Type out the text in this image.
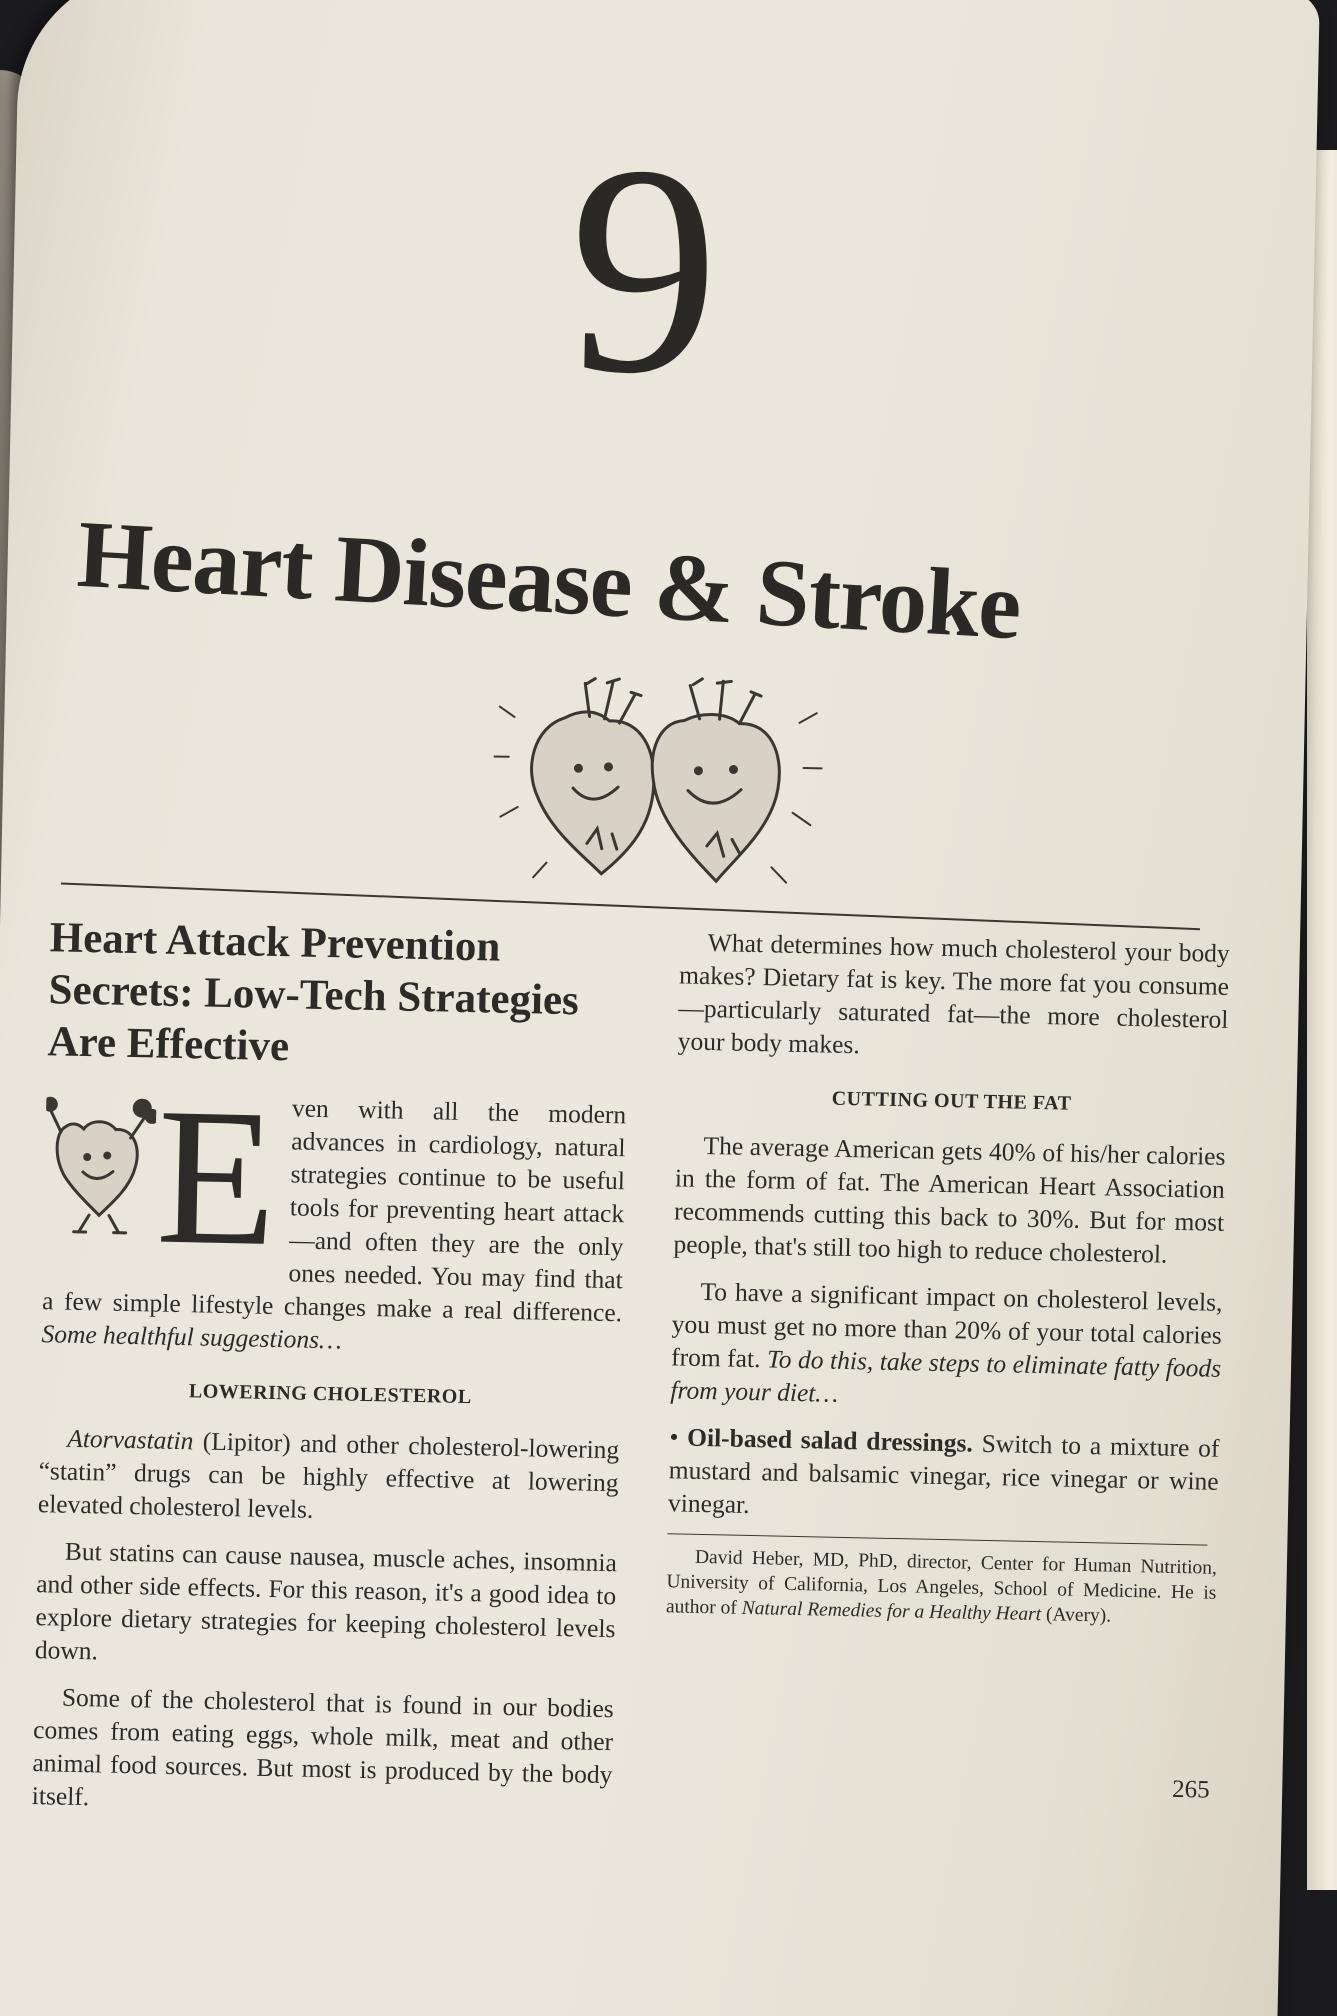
9
Heart Disease & Stroke
Heart Attack Prevention Secrets: Low-Tech Strategies Are Effective
E ven with all the modern advances in cardiology, natural strategies continue to be useful tools for preventing heart attack—and often they are the only ones needed. You may find that a few simple lifestyle changes make a real difference. Some healthful suggestions…

LOWERING CHOLESTEROL

Atorvastatin (Lipitor) and other cholesterol-lowering “statin” drugs can be highly effective at lowering elevated cholesterol levels.

But statins can cause nausea, muscle aches, insomnia and other side effects. For this reason, it's a good idea to explore dietary strategies for keeping cholesterol levels down.

Some of the cholesterol that is found in our bodies comes from eating eggs, whole milk, meat and other animal food sources. But most is produced by the body itself.

What determines how much cholesterol your body makes? Dietary fat is key. The more fat you consume—particularly saturated fat—the more cholesterol your body makes.

CUTTING OUT THE FAT

The average American gets 40% of his/her calories in the form of fat. The American Heart Association recommends cutting this back to 30%. But for most people, that's still too high to reduce cholesterol.

To have a significant impact on cholesterol levels, you must get no more than 20% of your total calories from fat. To do this, take steps to eliminate fatty foods from your diet…

• Oil-based salad dressings. Switch to a mixture of mustard and balsamic vinegar, rice vinegar or wine vinegar.

David Heber, MD, PhD, director, Center for Human Nutrition, University of California, Los Angeles, School of Medicine. He is author of Natural Remedies for a Healthy Heart (Avery).

265
